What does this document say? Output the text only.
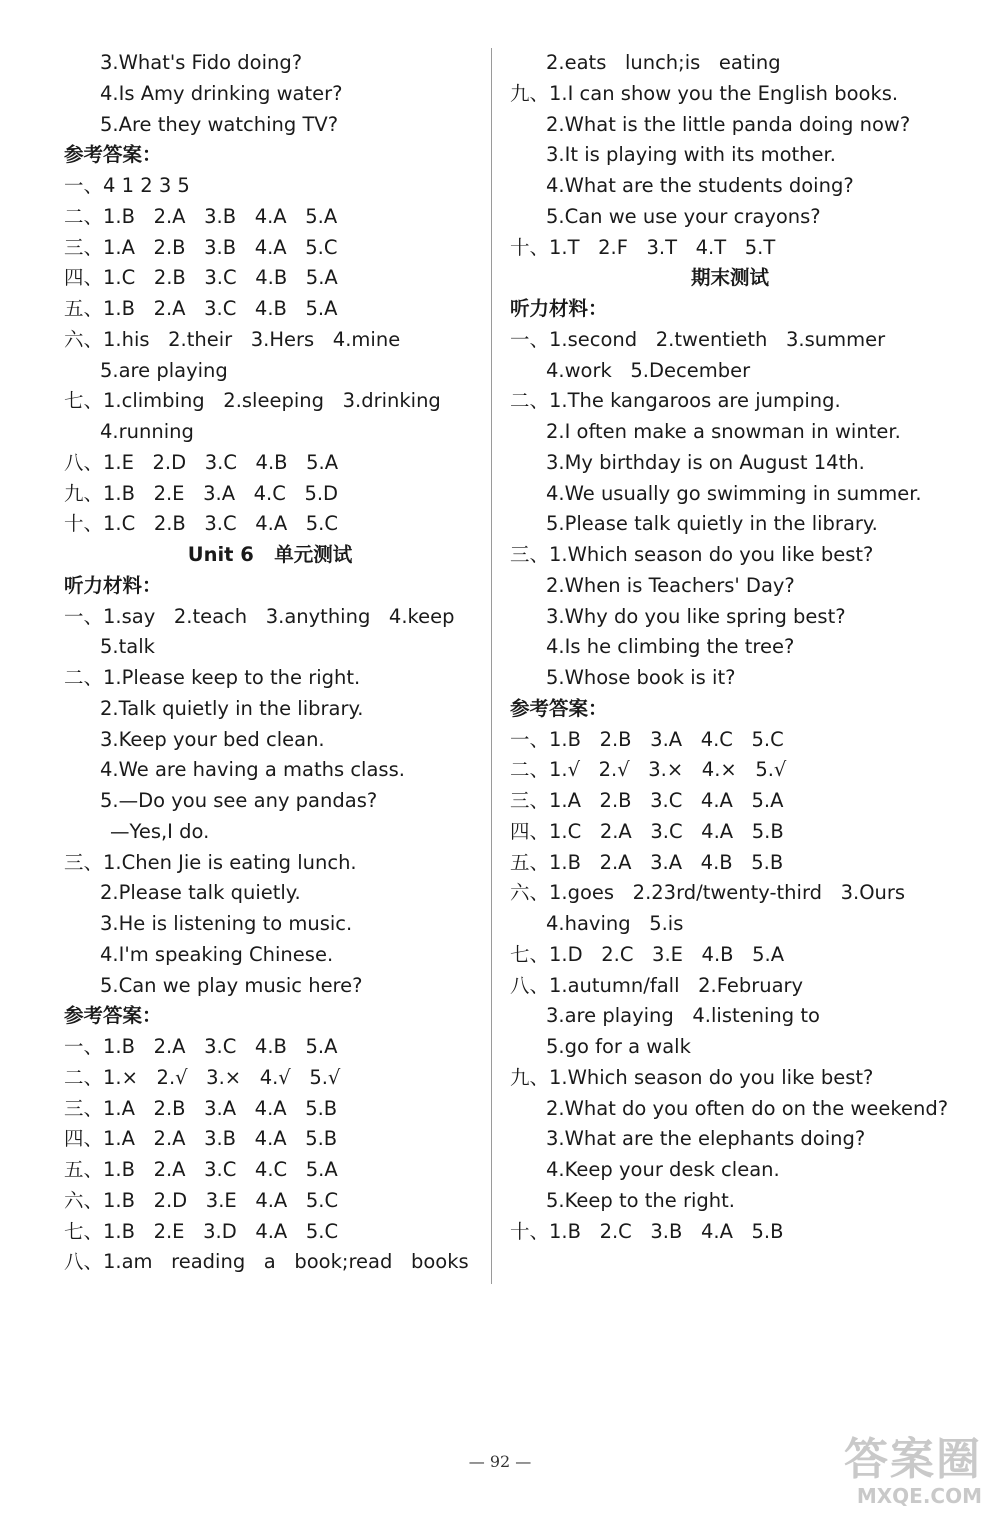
3.What's Fido doing?
4.Is Amy drinking water?
5.Are they watching TV?
参考答案：
一、4 1 2 3 5
二、1.B   2.A   3.B   4.A   5.A
三、1.A   2.B   3.B   4.A   5.C
四、1.C   2.B   3.C   4.B   5.A
五、1.B   2.A   3.C   4.B   5.A
六、1.his   2.their   3.Hers   4.mine
5.are playing
七、1.climbing   2.sleeping   3.drinking
4.running
八、1.E   2.D   3.C   4.B   5.A
九、1.B   2.E   3.A   4.C   5.D
十、1.C   2.B   3.C   4.A   5.C
Unit 6   单元测试
听力材料：
一、1.say   2.teach   3.anything   4.keep
5.talk
二、1.Please keep to the right.
2.Talk quietly in the library.
3.Keep your bed clean.
4.We are having a maths class.
5.—Do you see any pandas?
—Yes,I do.
三、1.Chen Jie is eating lunch.
2.Please talk quietly.
3.He is listening to music.
4.I'm speaking Chinese.
5.Can we play music here?
参考答案：
一、1.B   2.A   3.C   4.B   5.A
二、1.×   2.√   3.×   4.√   5.√
三、1.A   2.B   3.A   4.A   5.B
四、1.A   2.A   3.B   4.A   5.B
五、1.B   2.A   3.C   4.C   5.A
六、1.B   2.D   3.E   4.A   5.C
七、1.B   2.E   3.D   4.A   5.C
八、1.am   reading   a   book;read   books
2.eats   lunch;is   eating
九、1.I can show you the English books.
2.What is the little panda doing now?
3.It is playing with its mother.
4.What are the students doing?
5.Can we use your crayons?
十、1.T   2.F   3.T   4.T   5.T
期末测试
听力材料：
一、1.second   2.twentieth   3.summer
4.work   5.December
二、1.The kangaroos are jumping.
2.I often make a snowman in winter.
3.My birthday is on August 14th.
4.We usually go swimming in summer.
5.Please talk quietly in the library.
三、1.Which season do you like best?
2.When is Teachers' Day?
3.Why do you like spring best?
4.Is he climbing the tree?
5.Whose book is it?
参考答案：
一、1.B   2.B   3.A   4.C   5.C
二、1.√   2.√   3.×   4.×   5.√
三、1.A   2.B   3.C   4.A   5.A
四、1.C   2.A   3.C   4.A   5.B
五、1.B   2.A   3.A   4.B   5.B
六、1.goes   2.23rd/twenty-third   3.Ours
4.having   5.is
七、1.D   2.C   3.E   4.B   5.A
八、1.autumn/fall   2.February
3.are playing   4.listening to
5.go for a walk
九、1.Which season do you like best?
2.What do you often do on the weekend?
3.What are the elephants doing?
4.Keep your desk clean.
5.Keep to the right.
十、1.B   2.C   3.B   4.A   5.B
— 92 —	答案圈
MXQE.COM
